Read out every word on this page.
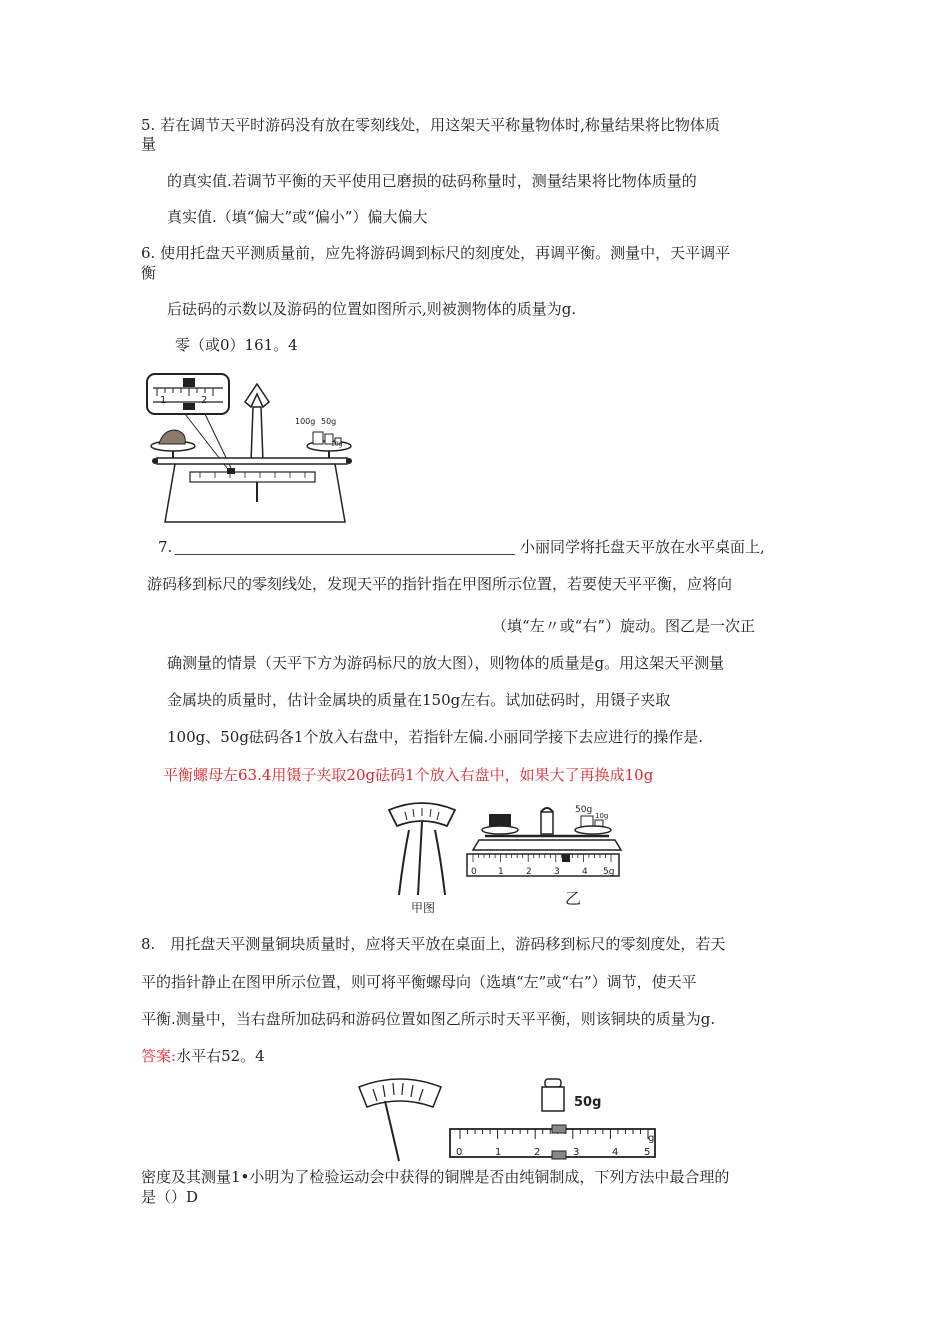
5. 若在调节天平时游码没有放在零刻线处，用这架天平称量物体时,称量结果将比物体质

量

的真实值.若调节平衡的天平使用已磨损的砝码称量时，测量结果将比物体质量的

真实值.（填“偏大”或“偏小”）偏大偏大

6. 使用托盘天平测质量前，应先将游码调到标尺的刻度处，再调平衡。测量中，天平调平

衡

后砝码的示数以及游码的位置如图所示,则被测物体的质量为g.

零（或0）161。4

1	2
100g 50g
10g

7.	小丽同学将托盘天平放在水平桌面上,

游码移到标尺的零刻线处，发现天平的指针指在甲图所示位置，若要使天平平衡，应将向

（填“左〃或“右”）旋动。图乙是一次正

确测量的情景（天平下方为游码标尺的放大图），则物体的质量是g。用这架天平测量

金属块的质量时，估计金属块的质量在150g左右。试加砝码时，用镊子夹取

100g、50g砝码各1个放入右盘中，若指针左偏.小丽同学接下去应进行的操作是.

平衡螺母左63.4用镊子夹取20g砝码1个放入右盘中，如果大了再换成10g

甲图
50g
10g
0 1 2 3 4 5g
乙

8.　用托盘天平测量铜块质量时，应将天平放在桌面上，游码移到标尺的零刻度处，若天

平的指针静止在图甲所示位置，则可将平衡螺母向（选填“左”或“右”）调节，使天平

平衡.测量中，当右盘所加砝码和游码位置如图乙所示时天平平衡，则该铜块的质量为g.

答案:水平右52。4

50g
0	1	2	3	4	5
g

密度及其测量1•小明为了检验运动会中获得的铜牌是否由纯铜制成，下列方法中最合理的

是（）D
